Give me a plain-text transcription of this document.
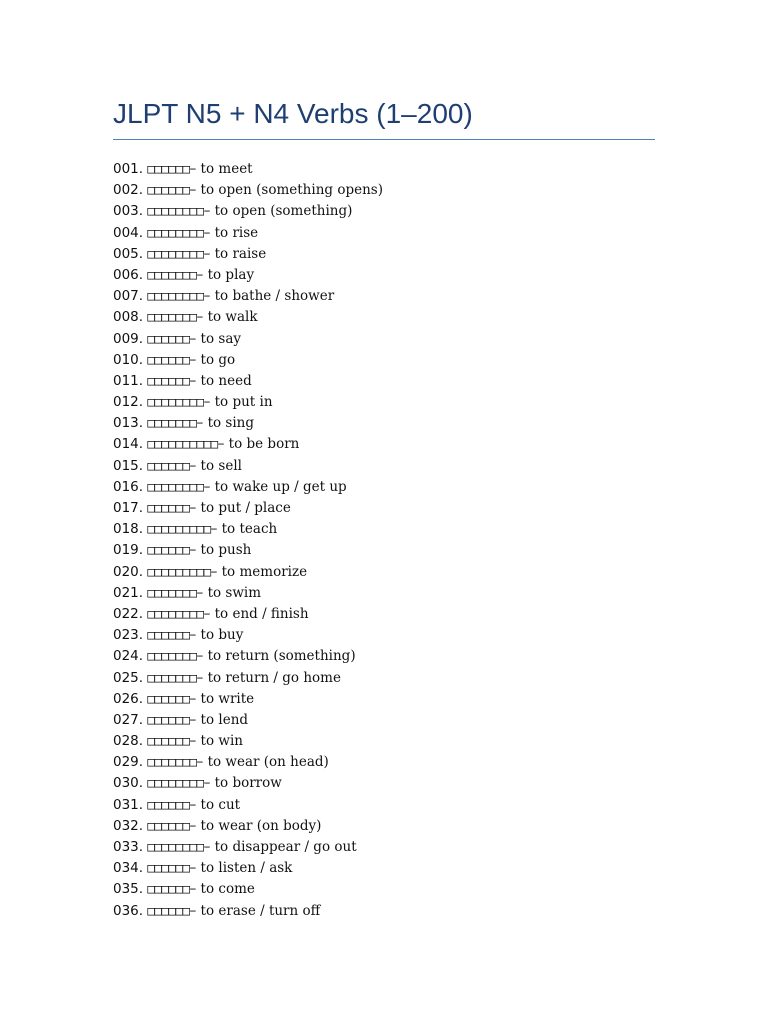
JLPT N5 + N4 Verbs (1–200)
001. □□□□□□– to meet
002. □□□□□□– to open (something opens)
003. □□□□□□□□– to open (something)
004. □□□□□□□□– to rise
005. □□□□□□□□– to raise
006. □□□□□□□– to play
007. □□□□□□□□– to bathe / shower
008. □□□□□□□– to walk
009. □□□□□□– to say
010. □□□□□□– to go
011. □□□□□□– to need
012. □□□□□□□□– to put in
013. □□□□□□□– to sing
014. □□□□□□□□□□– to be born
015. □□□□□□– to sell
016. □□□□□□□□– to wake up / get up
017. □□□□□□– to put / place
018. □□□□□□□□□– to teach
019. □□□□□□– to push
020. □□□□□□□□□– to memorize
021. □□□□□□□– to swim
022. □□□□□□□□– to end / finish
023. □□□□□□– to buy
024. □□□□□□□– to return (something)
025. □□□□□□□– to return / go home
026. □□□□□□– to write
027. □□□□□□– to lend
028. □□□□□□– to win
029. □□□□□□□– to wear (on head)
030. □□□□□□□□– to borrow
031. □□□□□□– to cut
032. □□□□□□– to wear (on body)
033. □□□□□□□□– to disappear / go out
034. □□□□□□– to listen / ask
035. □□□□□□– to come
036. □□□□□□– to erase / turn off
